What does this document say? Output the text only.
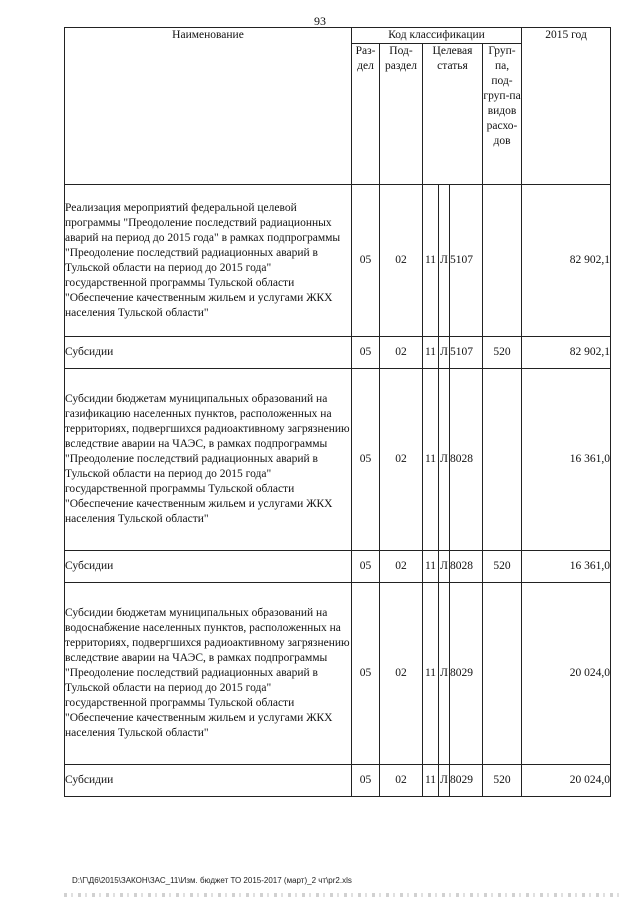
93
Наименование	Код классификации						2015 год
	Раз-дел	Под-раздел	Целевая статья			Груп-па, под-груп-па видов расхо-дов	
Реализация мероприятий федеральной целевой программы "Преодоление последствий радиационных аварий на период до 2015 года" в рамках подпрограммы "Преодоление последствий радиационных аварий в Тульской области на период до 2015 года" государственной программы Тульской области "Обеспечение качественным жильем и услугами ЖКХ населения Тульской области"	05	02	11	Л	5107		82 902,1
Субсидии	05	02	11	Л	5107	520	82 902,1
Субсидии бюджетам муниципальных образований на газификацию населенных пунктов, расположенных на территориях, подвергшихся радиоактивному загрязнению вследствие аварии на ЧАЭС, в рамках подпрограммы "Преодоление последствий радиационных аварий в Тульской области на период до 2015 года" государственной программы Тульской области "Обеспечение качественным жильем и услугами ЖКХ населения Тульской области"	05	02	11	Л	8028		16 361,0
Субсидии	05	02	11	Л	8028	520	16 361,0
Субсидии бюджетам муниципальных образований на водоснабжение населенных пунктов, расположенных на территориях, подвергшихся радиоактивному загрязнению вследствие аварии на ЧАЭС, в рамках подпрограммы "Преодоление последствий радиационных аварий в Тульской области на период до 2015 года" государственной программы Тульской области "Обеспечение качественным жильем и услугами ЖКХ населения Тульской области"	05	02	11	Л	8029		20 024,0
Субсидии	05	02	11	Л	8029	520	20 024,0
D:\Г\Д6\2015\ЗАКОН\ЗАС_11\Изм. бюджет ТО 2015-2017 (март)_2 чт\pr2.xls
